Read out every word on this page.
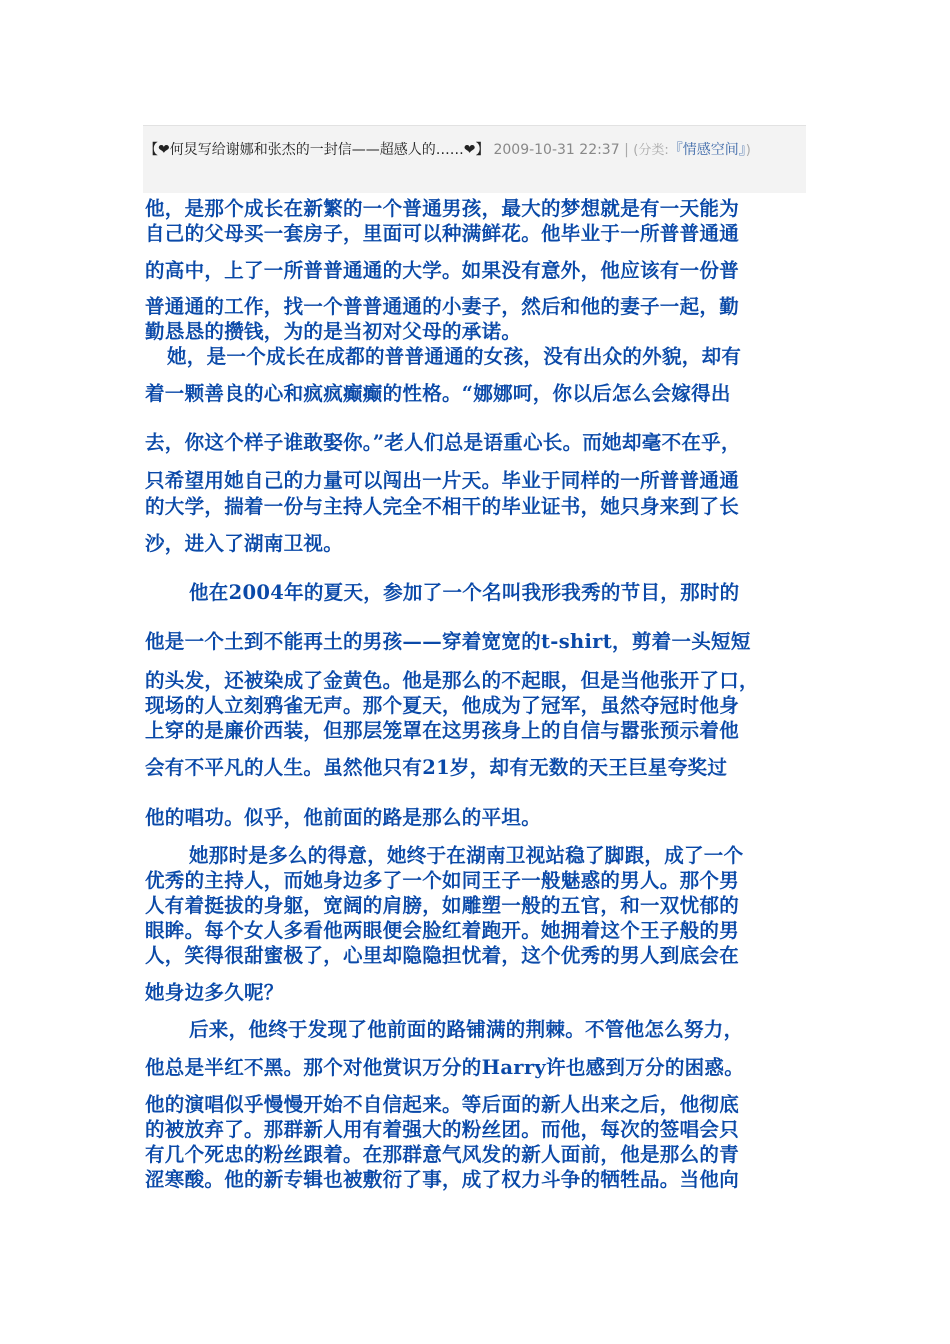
【❤何炅写给谢娜和张杰的一封信——超感人的……❤】 2009-10-31 22:37 | (分类:『情感空间』)
他，是那个成长在新繁的一个普通男孩，最大的梦想就是有一天能为
自己的父母买一套房子，里面可以种满鲜花。他毕业于一所普普通通
的高中，上了一所普普通通的大学。如果没有意外，他应该有一份普
普通通的工作，找一个普普通通的小妻子，然后和他的妻子一起，勤
勤恳恳的攒钱，为的是当初对父母的承诺。
她，是一个成长在成都的普普通通的女孩，没有出众的外貌，却有
着一颗善良的心和疯疯癫癫的性格。“娜娜呵，你以后怎么会嫁得出
去，你这个样子谁敢娶你。”老人们总是语重心长。而她却毫不在乎，
只希望用她自己的力量可以闯出一片天。毕业于同样的一所普普通通
的大学，揣着一份与主持人完全不相干的毕业证书，她只身来到了长
沙，进入了湖南卫视。
他在2004年的夏天，参加了一个名叫我形我秀的节目，那时的
他是一个土到不能再土的男孩——穿着宽宽的t-shirt，剪着一头短短
的头发，还被染成了金黄色。他是那么的不起眼，但是当他张开了口，
现场的人立刻鸦雀无声。那个夏天，他成为了冠军，虽然夺冠时他身
上穿的是廉价西装，但那层笼罩在这男孩身上的自信与嚣张预示着他
会有不平凡的人生。虽然他只有21岁，却有无数的天王巨星夸奖过
他的唱功。似乎，他前面的路是那么的平坦。
她那时是多么的得意，她终于在湖南卫视站稳了脚跟，成了一个
优秀的主持人，而她身边多了一个如同王子一般魅惑的男人。那个男
人有着挺拔的身躯，宽阔的肩膀，如雕塑一般的五官，和一双忧郁的
眼眸。每个女人多看他两眼便会脸红着跑开。她拥着这个王子般的男
人，笑得很甜蜜极了，心里却隐隐担忧着，这个优秀的男人到底会在
她身边多久呢？
后来，他终于发现了他前面的路铺满的荆棘。不管他怎么努力，
他总是半红不黑。那个对他赏识万分的Harry许也感到万分的困惑。
他的演唱似乎慢慢开始不自信起来。等后面的新人出来之后，他彻底
的被放弃了。那群新人用有着强大的粉丝团。而他，每次的签唱会只
有几个死忠的粉丝跟着。在那群意气风发的新人面前，他是那么的青
涩寒酸。他的新专辑也被敷衍了事，成了权力斗争的牺牲品。当他向
